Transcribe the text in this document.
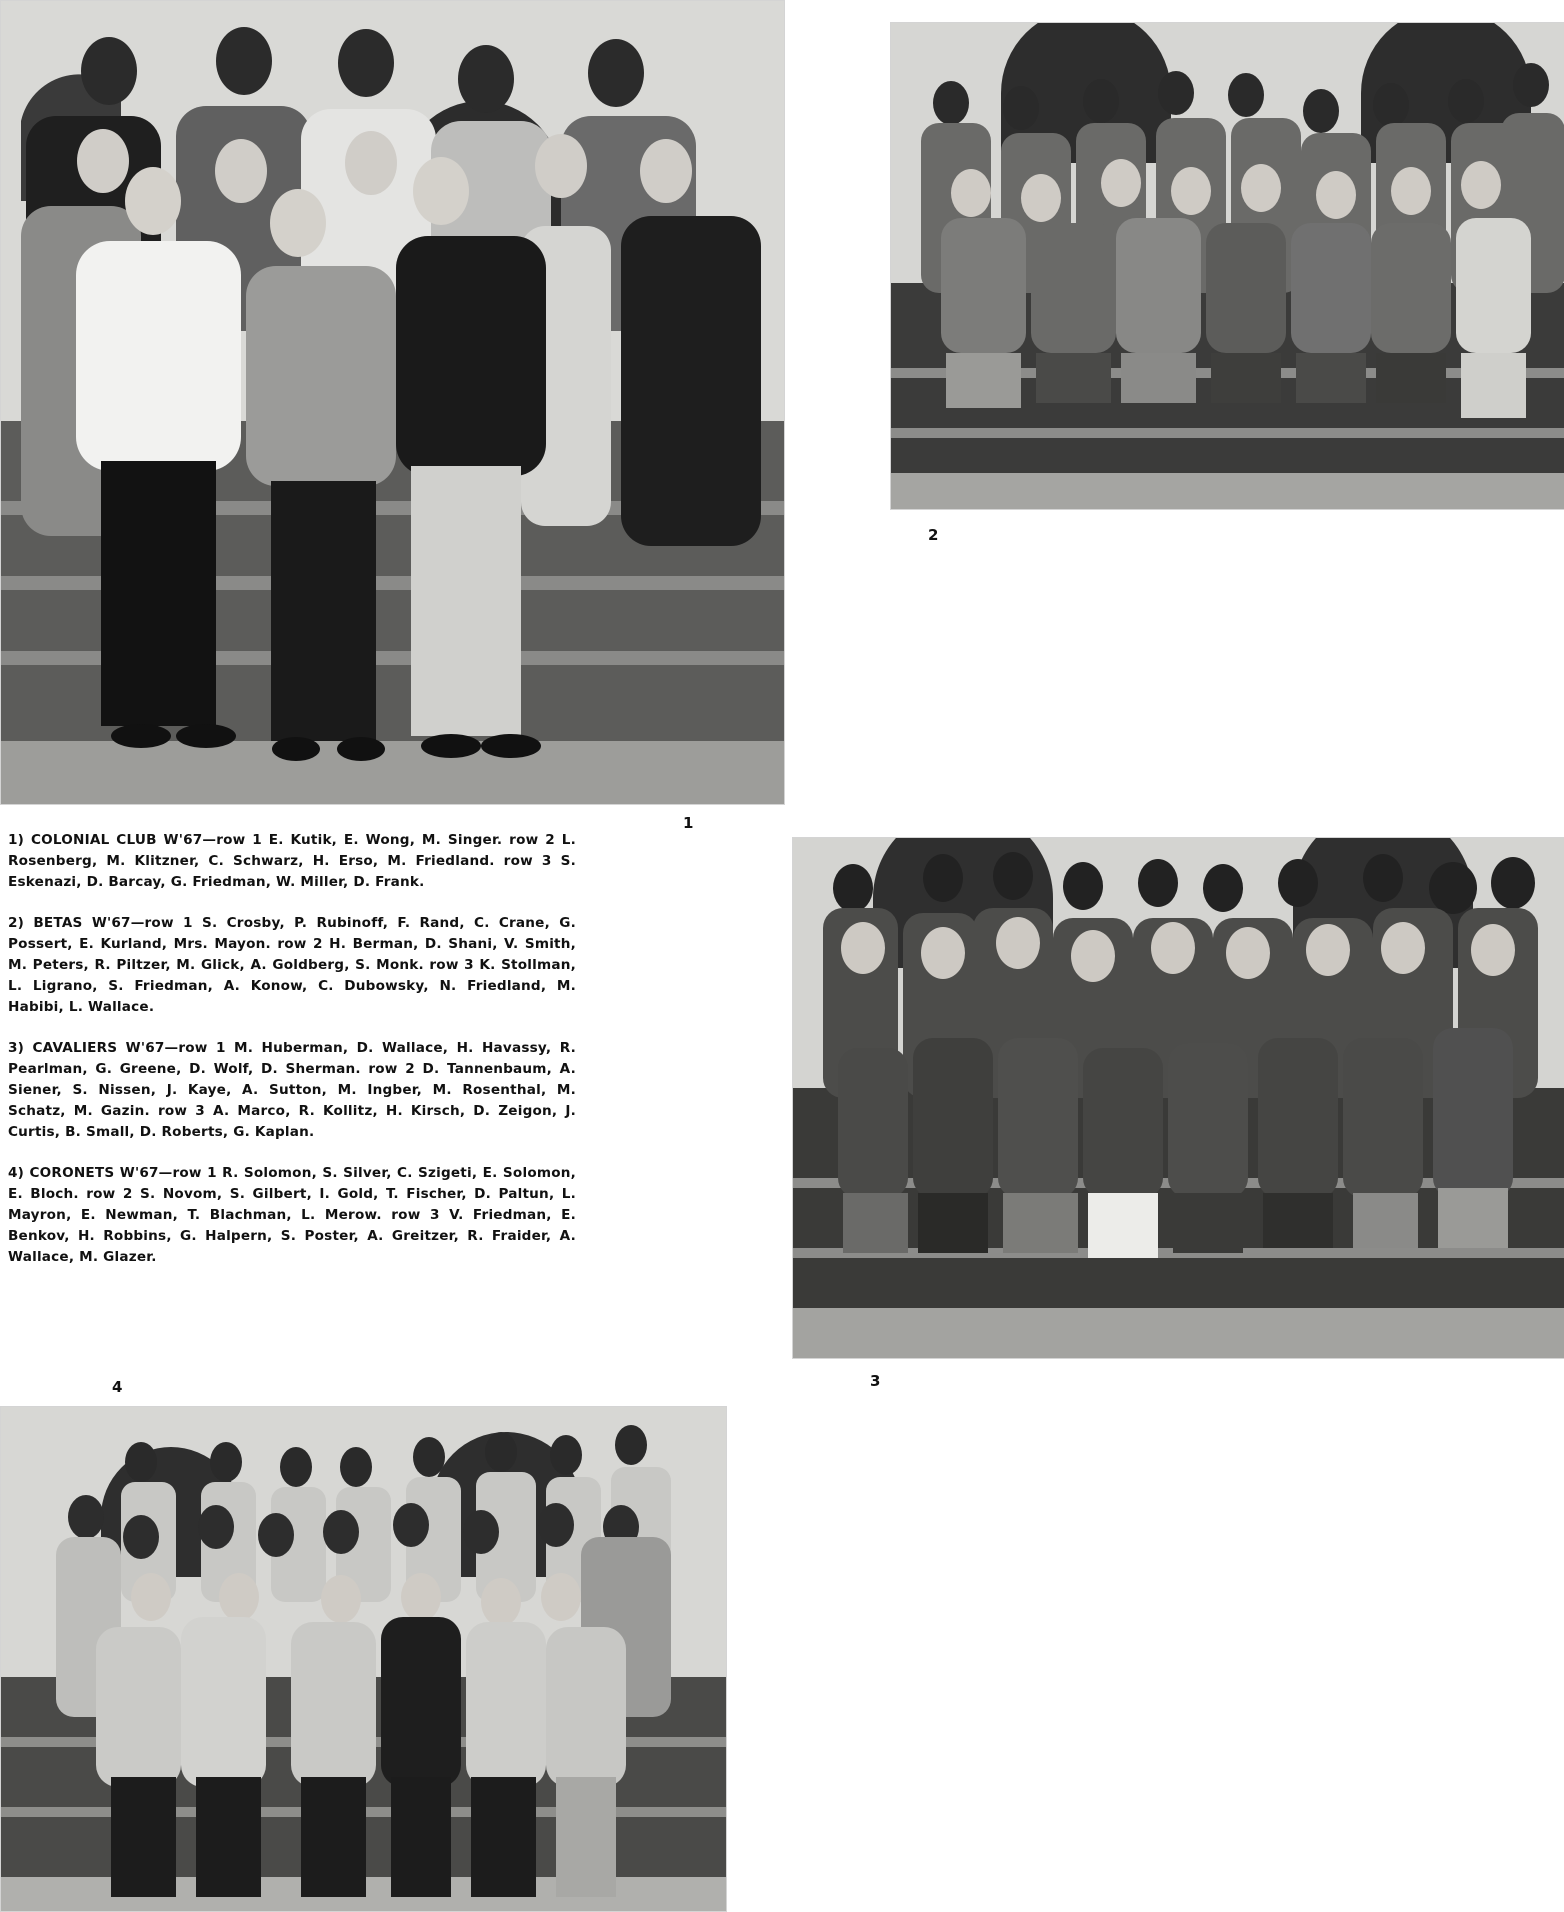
1
2
3
4

1) COLONIAL CLUB W'67—row 1 E. Kutik, E. Wong, M. Singer. row 2 L. Rosenberg, M. Klitzner, C. Schwarz, H. Erso, M. Friedland. row 3 S. Eskenazi, D. Barcay, G. Friedman, W. Miller, D. Frank.

2) BETAS W'67—row 1 S. Crosby, P. Rubinoff, F. Rand, C. Crane, G. Possert, E. Kurland, Mrs. Mayon. row 2 H. Berman, D. Shani, V. Smith, M. Peters, R. Piltzer, M. Glick, A. Goldberg, S. Monk. row 3 K. Stollman, L. Ligrano, S. Friedman, A. Konow, C. Dubowsky, N. Friedland, M. Habibi, L. Wallace.

3) CAVALIERS W'67—row 1 M. Huberman, D. Wallace, H. Havassy, R. Pearlman, G. Greene, D. Wolf, D. Sherman. row 2 D. Tannenbaum, A. Siener, S. Nissen, J. Kaye, A. Sutton, M. Ingber, M. Rosenthal, M. Schatz, M. Gazin. row 3 A. Marco, R. Kollitz, H. Kirsch, D. Zeigon, J. Curtis, B. Small, D. Roberts, G. Kaplan.

4) CORONETS W'67—row 1 R. Solomon, S. Silver, C. Szigeti, E. Solomon, E. Bloch. row 2 S. Novom, S. Gilbert, I. Gold, T. Fischer, D. Paltun, L. Mayron, E. Newman, T. Blachman, L. Merow. row 3 V. Friedman, E. Benkov, H. Robbins, G. Halpern, S. Poster, A. Greitzer, R. Fraider, A. Wallace, M. Glazer.
